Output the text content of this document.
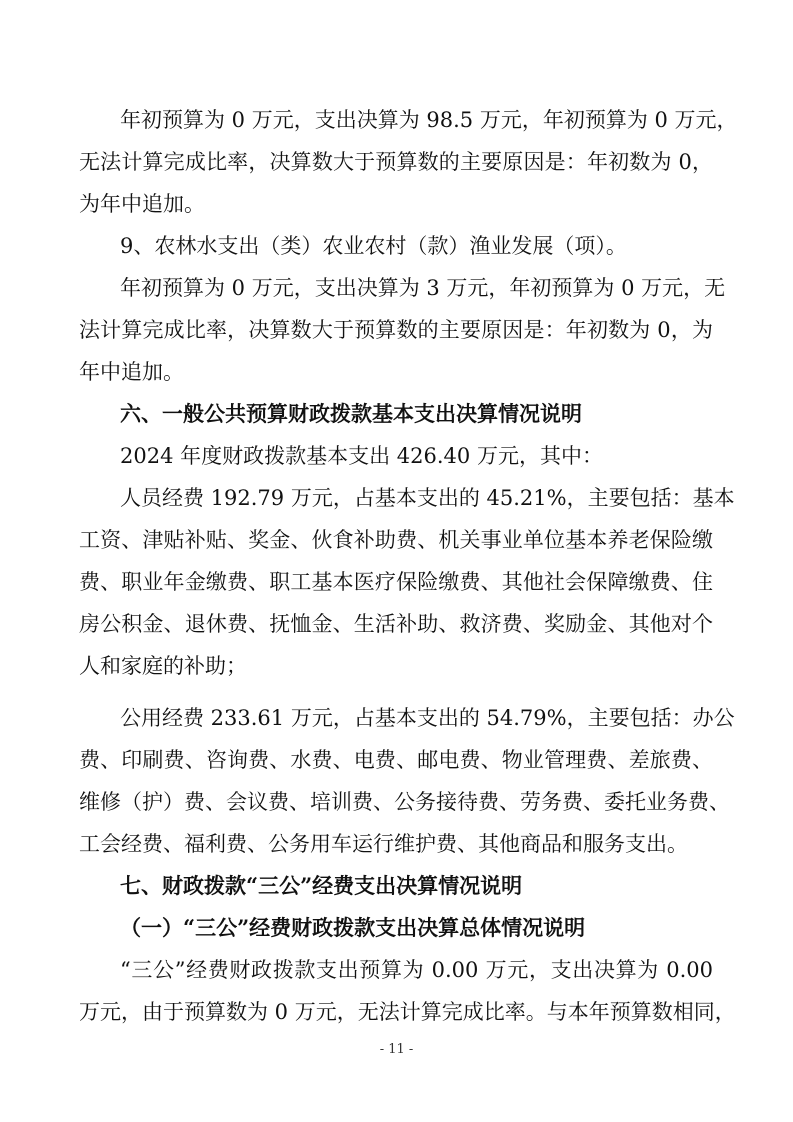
年初预算为 0 万元，支出决算为 98.5 万元，年初预算为 0 万元，
无法计算完成比率，决算数大于预算数的主要原因是：年初数为 0，
为年中追加。
9、农林水支出（类）农业农村（款）渔业发展（项）。
年初预算为 0 万元，支出决算为 3 万元，年初预算为 0 万元，无
法计算完成比率，决算数大于预算数的主要原因是：年初数为 0，为
年中追加。
六、一般公共预算财政拨款基本支出决算情况说明
2024 年度财政拨款基本支出 426.40 万元，其中：
人员经费 192.79 万元，占基本支出的 45.21%，主要包括：基本
工资、津贴补贴、奖金、伙食补助费、机关事业单位基本养老保险缴
费、职业年金缴费、职工基本医疗保险缴费、其他社会保障缴费、住
房公积金、退休费、抚恤金、生活补助、救济费、奖励金、其他对个
人和家庭的补助；
公用经费 233.61 万元，占基本支出的 54.79%，主要包括：办公
费、印刷费、咨询费、水费、电费、邮电费、物业管理费、差旅费、
维修（护）费、会议费、培训费、公务接待费、劳务费、委托业务费、
工会经费、福利费、公务用车运行维护费、其他商品和服务支出。
七、财政拨款“三公”经费支出决算情况说明
（一）“三公”经费财政拨款支出决算总体情况说明
“三公”经费财政拨款支出预算为 0.00 万元，支出决算为 0.00
万元，由于预算数为 0 万元，无法计算完成比率。与本年预算数相同，
- 11 -
